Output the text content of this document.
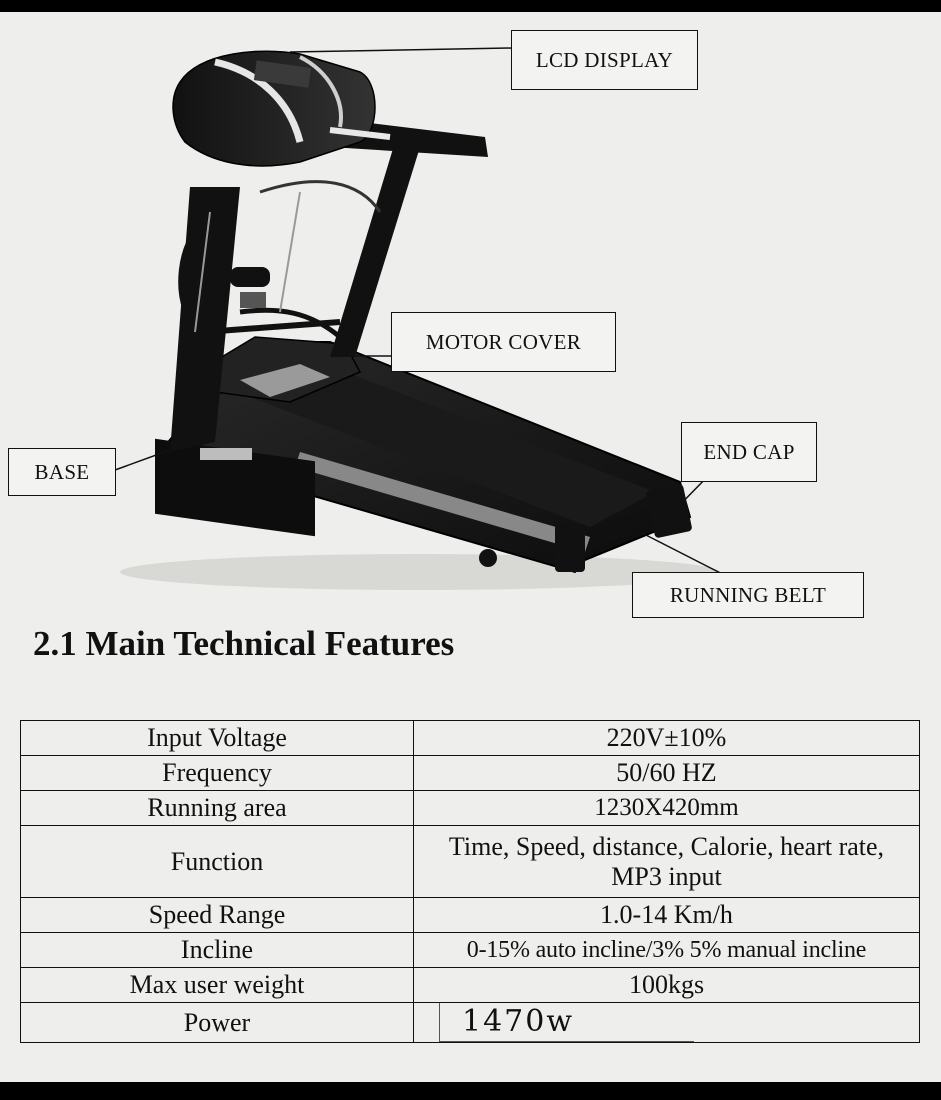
LCD DISPLAY
MOTOR COVER
BASE
END CAP
RUNNING BELT
2.1 Main Technical Features
Input Voltage	220V±10%
Frequency	50/60 HZ
Running area	1230X420mm
Function	Time, Speed, distance, Calorie, heart rate, MP3 input
Speed Range	1.0-14 Km/h
Incline	0-15% auto incline/3% 5% manual incline
Max user weight	100kgs
Power	1470w
